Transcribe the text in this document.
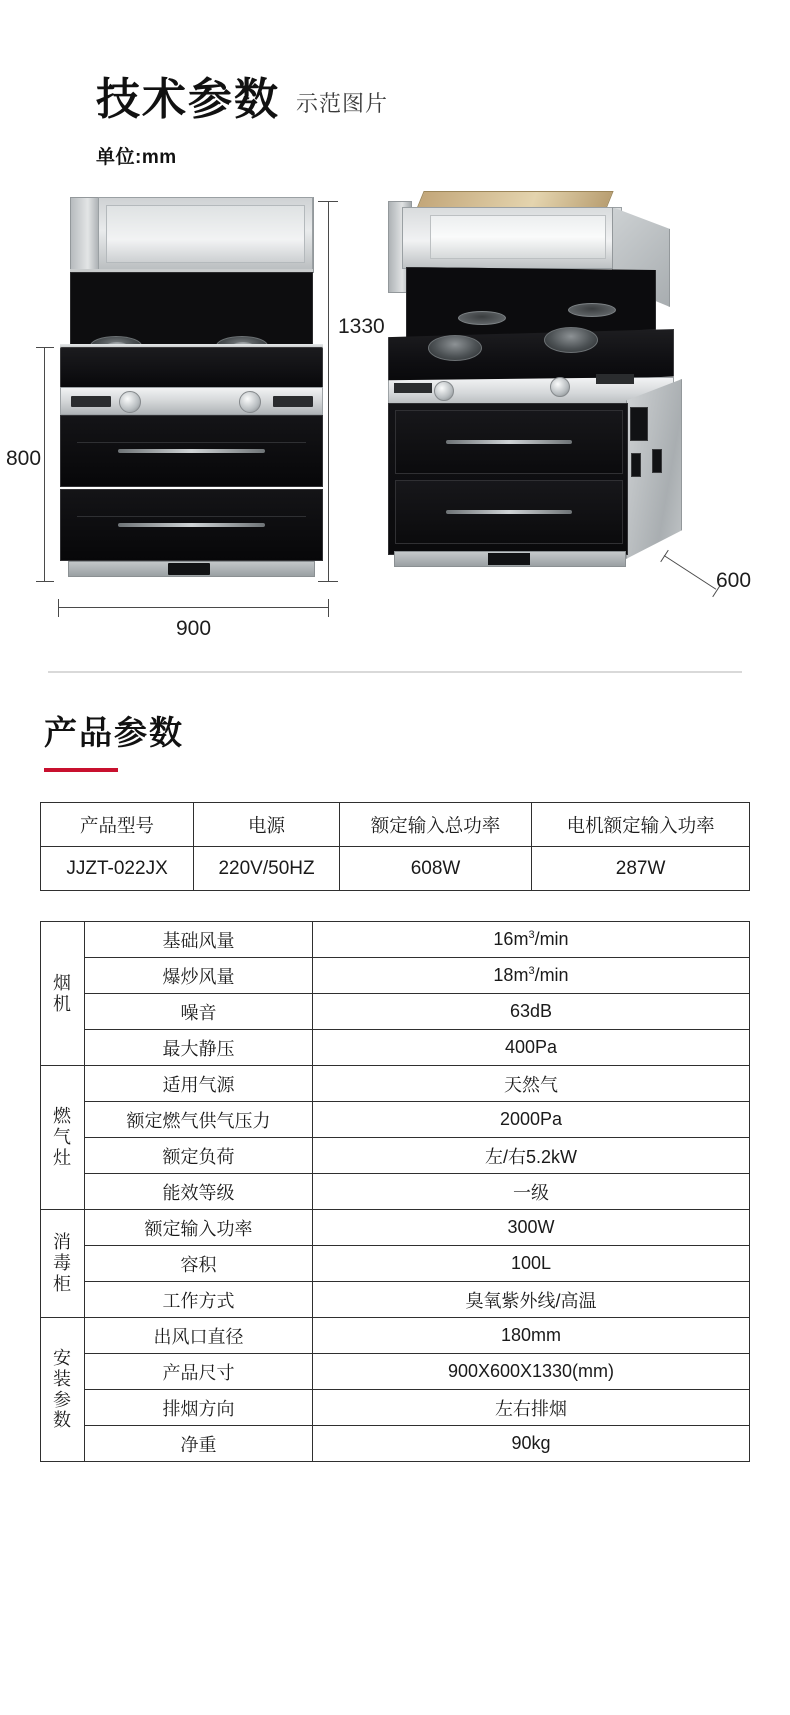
技术参数 示范图片
单位:mm
1330
800
900
600
产品参数
产品型号	电源	额定输入总功率	电机额定输入功率
JJZT-022JX	220V/50HZ	608W	287W
烟
机	基础风量	$16m^3/\min$
	爆炒风量	$18m^3/\min$
	噪音	63dB
	最大静压	400Pa

燃
气
灶	适用气源	天然气
	额定燃气供气压力	2000Pa
	额定负荷	左/右5.2kW
	能效等级	一级

消
毒
柜	额定输入功率	300W
	容积	100L
	工作方式	臭氧紫外线/高温

安
装
参
数	出风口直径	180mm
	产品尺寸	900X600X1330(mm)
	排烟方向	左右排烟
	净重	90kg
